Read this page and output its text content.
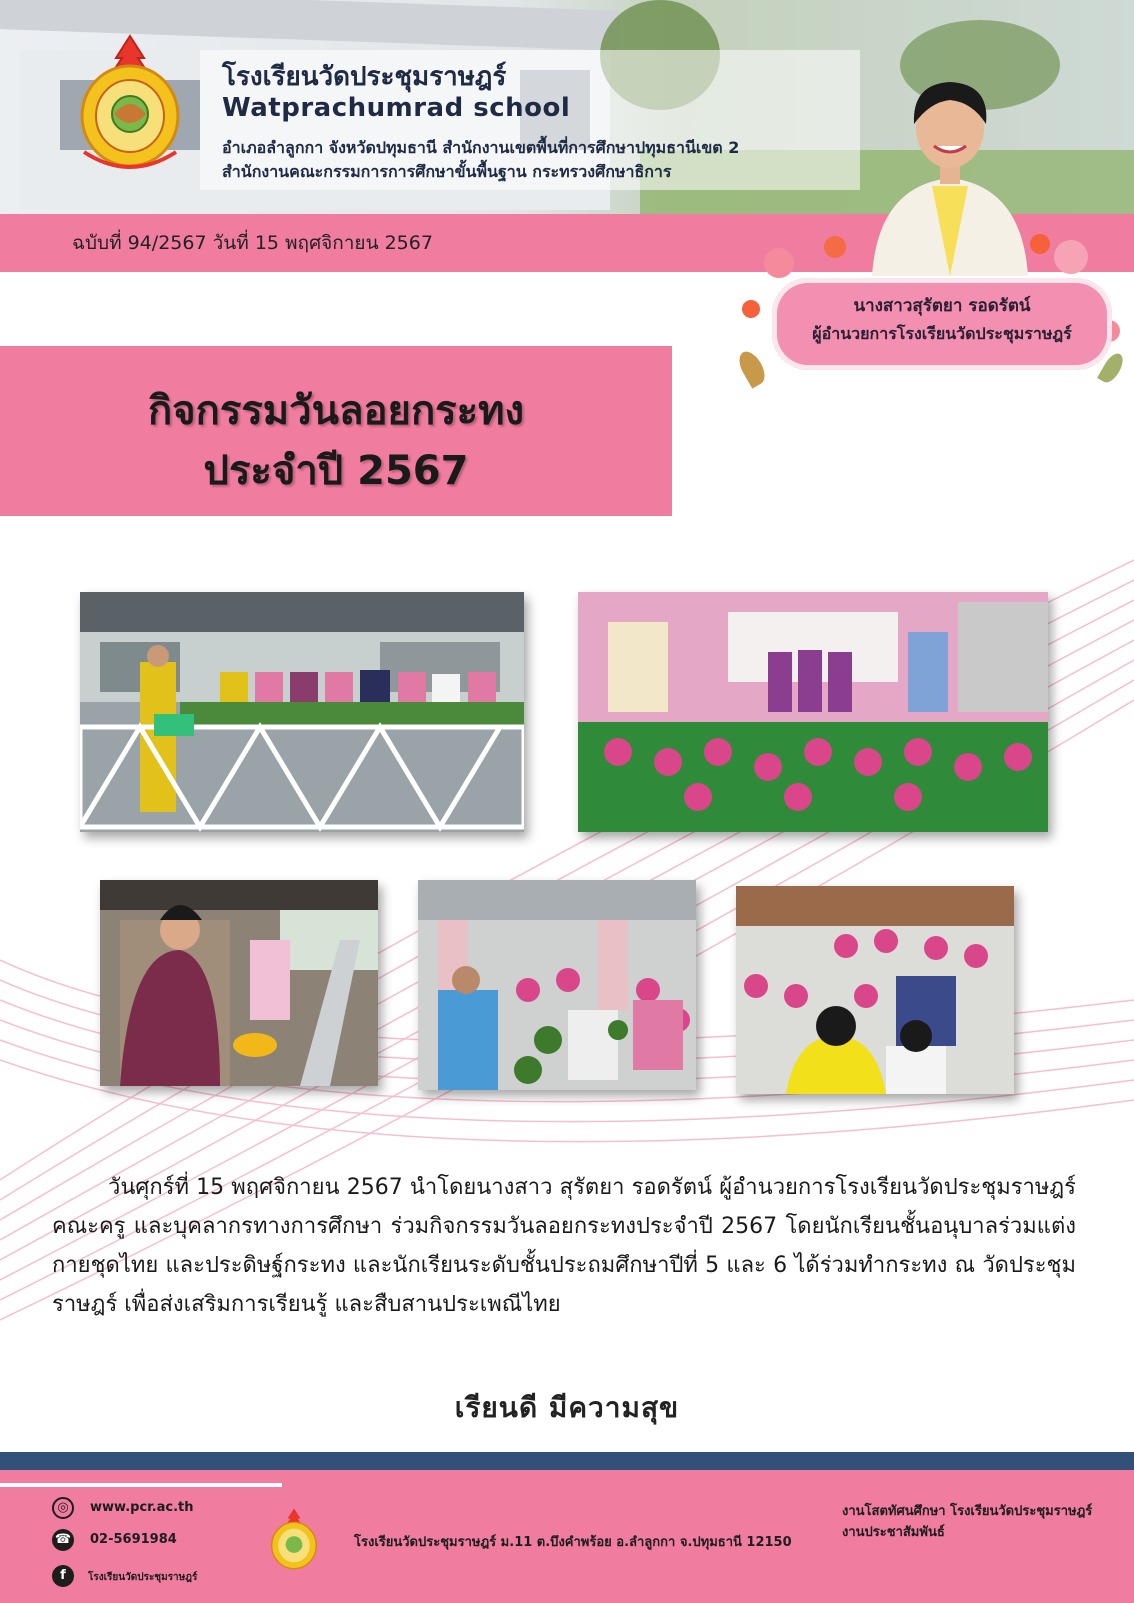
โรงเรียนวัดประชุมราษฎร์
Watprachumrad school
อำเภอลำลูกกา จังหวัดปทุมธานี สำนักงานเขตพื้นที่การศึกษาปทุมธานีเขต 2
สำนักงานคณะกรรมการการศึกษาขั้นพื้นฐาน กระทรวงศึกษาธิการ
ฉบับที่ 94/2567 วันที่ 15 พฤศจิกายน 2567
นางสาวสุรัตยา รอดรัตน์
ผู้อำนวยการโรงเรียนวัดประชุมราษฎร์
กิจกรรมวันลอยกระทง
ประจำปี 2567
วันศุกร์ที่ 15 พฤศจิกายน 2567 นำโดยนางสาว สุรัตยา รอดรัตน์ ผู้อำนวยการโรงเรียนวัดประชุมราษฎร์ คณะครู และบุคลากรทางการศึกษา ร่วมกิจกรรมวันลอยกระทงประจำปี 2567 โดยนักเรียนชั้นอนุบาลร่วมแต่งกายชุดไทย และประดิษฐ์กระทง และนักเรียนระดับชั้นประถมศึกษาปีที่ 5 และ 6 ได้ร่วมทำกระทง ณ วัดประชุมราษฎร์ เพื่อส่งเสริมการเรียนรู้ และสืบสานประเพณีไทย
เรียนดี มีความสุข
◎	www.pcr.ac.th
☎ 02-5691984
f	โรงเรียนวัดประชุมราษฎร์
โรงเรียนวัดประชุมราษฎร์ ม.11 ต.บึงคำพร้อย อ.ลำลูกกา จ.ปทุมธานี 12150
งานโสตทัศนศึกษา โรงเรียนวัดประชุมราษฎร์
งานประชาสัมพันธ์
